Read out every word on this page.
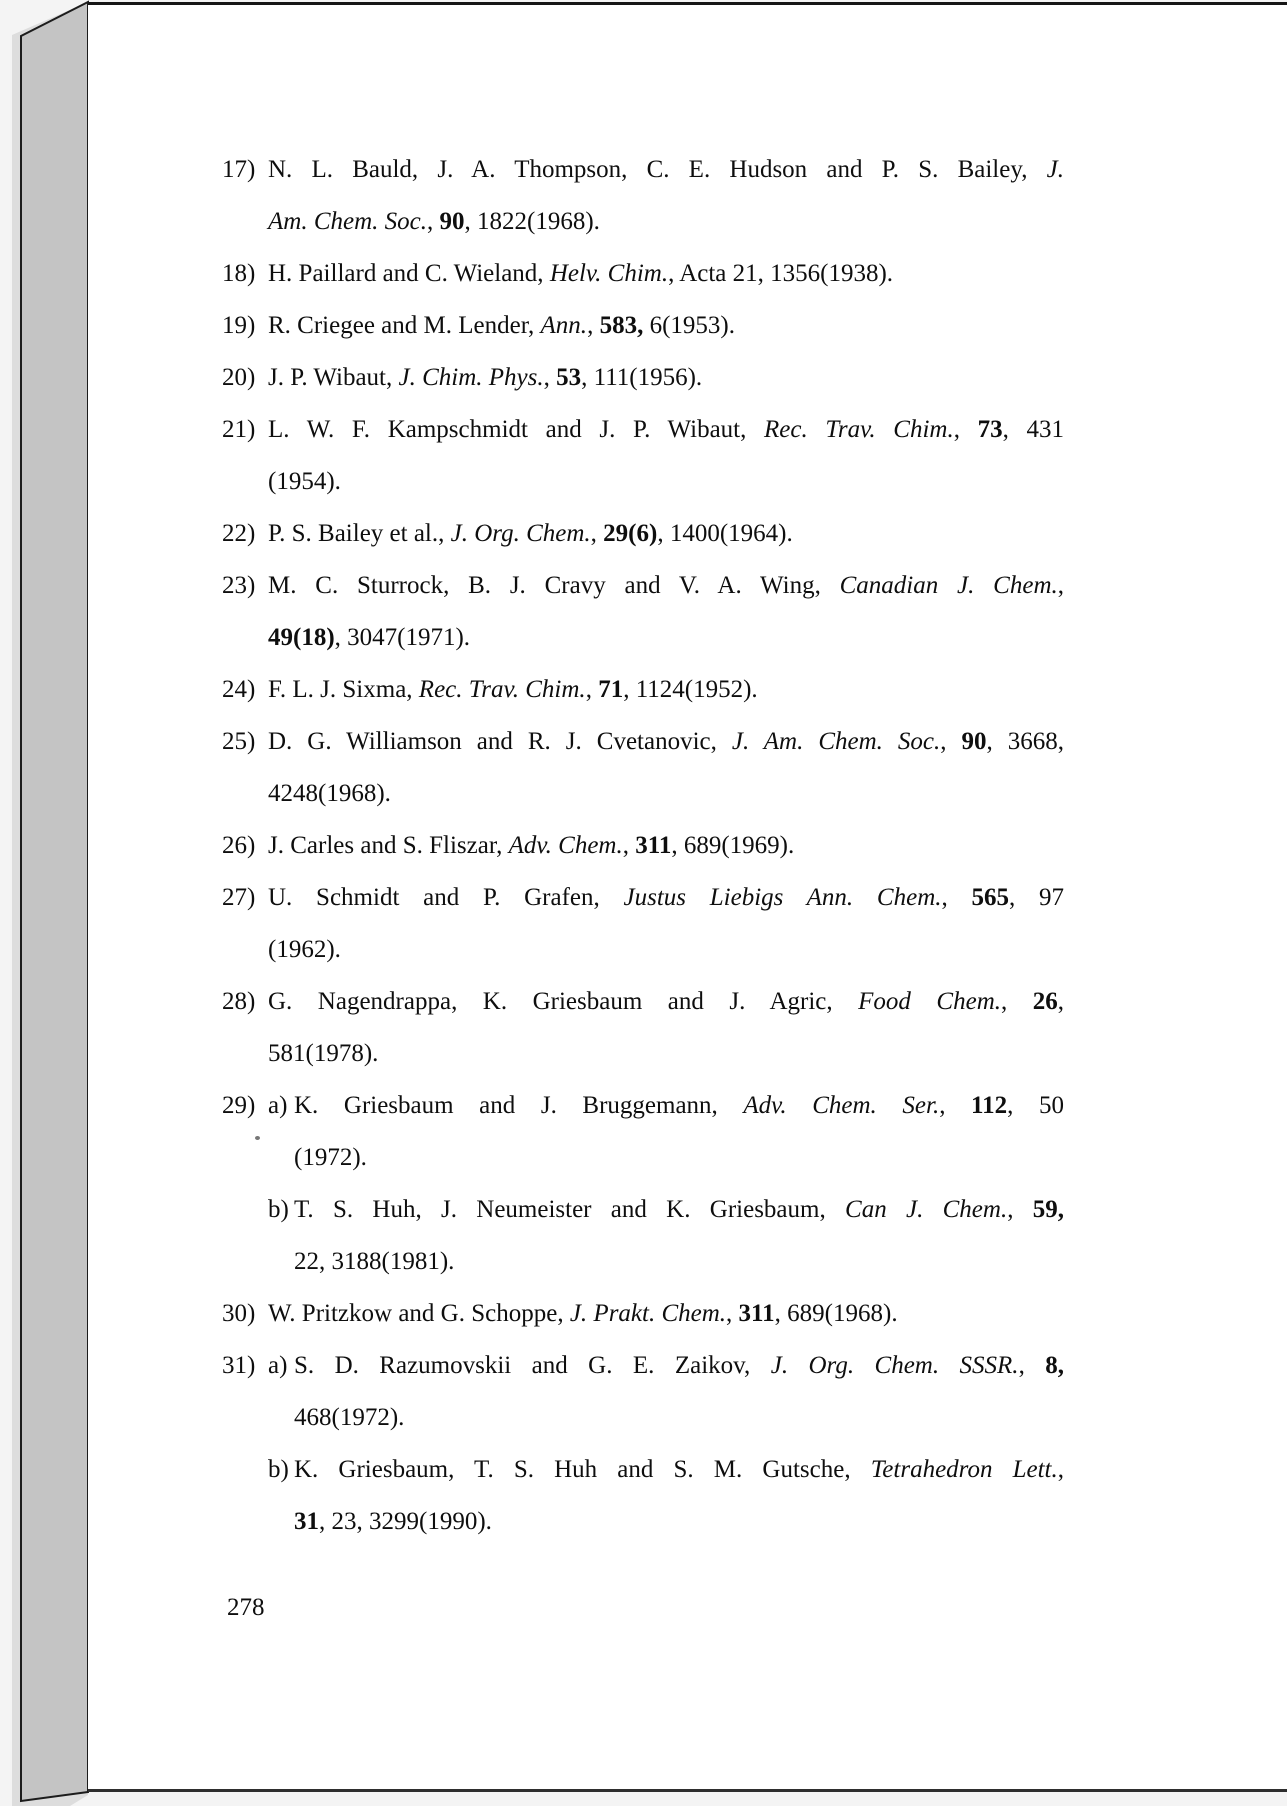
17) N. L. Bauld, J. A. Thompson, C. E. Hudson and P. S. Bailey, J.
Am. Chem. Soc., 90, 1822(1968).
18) H. Paillard and C. Wieland, Helv. Chim., Acta 21, 1356(1938).
19) R. Criegee and M. Lender, Ann., 583, 6(1953).
20) J. P. Wibaut, J. Chim. Phys., 53, 111(1956).
21) L. W. F. Kampschmidt and J. P. Wibaut, Rec. Trav. Chim., 73, 431
(1954).
22) P. S. Bailey et al., J. Org. Chem., 29(6), 1400(1964).
23) M. C. Sturrock, B. J. Cravy and V. A. Wing, Canadian J. Chem.,
49(18), 3047(1971).
24) F. L. J. Sixma, Rec. Trav. Chim., 71, 1124(1952).
25) D. G. Williamson and R. J. Cvetanovic, J. Am. Chem. Soc., 90, 3668,
4248(1968).
26) J. Carles and S. Fliszar, Adv. Chem., 311, 689(1969).
27) U. Schmidt and P. Grafen, Justus Liebigs Ann. Chem., 565, 97
(1962).
28) G. Nagendrappa, K. Griesbaum and J. Agric, Food Chem., 26,
581(1978).
29) a) K. Griesbaum and J. Bruggemann, Adv. Chem. Ser., 112, 50
(1972).
b) T. S. Huh, J. Neumeister and K. Griesbaum, Can J. Chem., 59,
22, 3188(1981).
30) W. Pritzkow and G. Schoppe, J. Prakt. Chem., 311, 689(1968).
31) a) S. D. Razumovskii and G. E. Zaikov, J. Org. Chem. SSSR., 8,
468(1972).
b) K. Griesbaum, T. S. Huh and S. M. Gutsche, Tetrahedron Lett.,
31, 23, 3299(1990).
278
